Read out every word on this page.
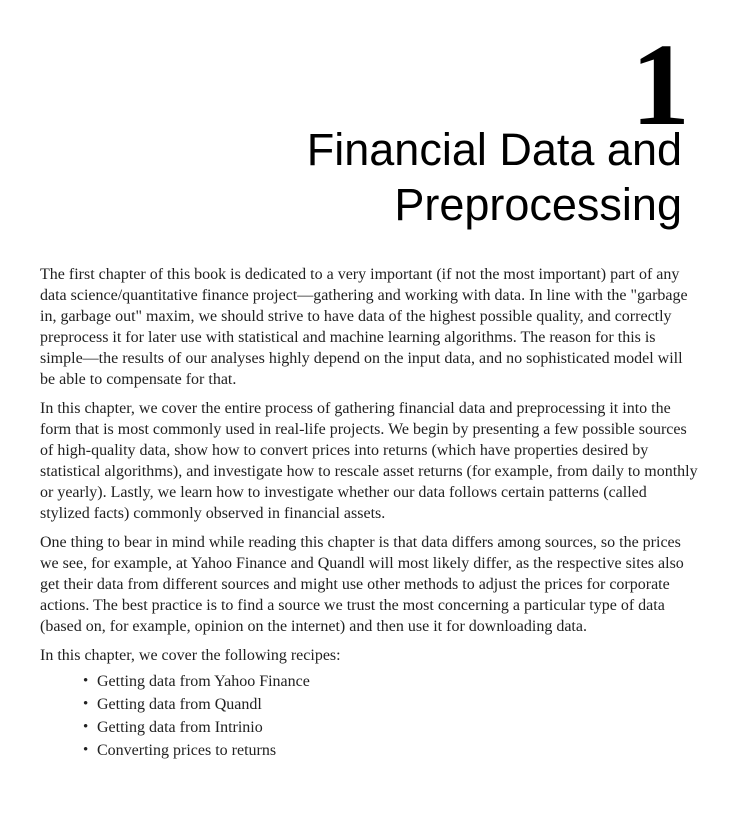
1
Financial Data and
Preprocessing

The first chapter of this book is dedicated to a very important (if not the most important) part of any data science/quantitative finance project—gathering and working with data. In line with the "garbage in, garbage out" maxim, we should strive to have data of the highest possible quality, and correctly preprocess it for later use with statistical and machine learning algorithms. The reason for this is simple—the results of our analyses highly depend on the input data, and no sophisticated model will be able to compensate for that.

In this chapter, we cover the entire process of gathering financial data and preprocessing it into the form that is most commonly used in real-life projects. We begin by presenting a few possible sources of high-quality data, show how to convert prices into returns (which have properties desired by statistical algorithms), and investigate how to rescale asset returns (for example, from daily to monthly or yearly). Lastly, we learn how to investigate whether our data follows certain patterns (called stylized facts) commonly observed in financial assets.

One thing to bear in mind while reading this chapter is that data differs among sources, so the prices we see, for example, at Yahoo Finance and Quandl will most likely differ, as the respective sites also get their data from different sources and might use other methods to adjust the prices for corporate actions. The best practice is to find a source we trust the most concerning a particular type of data (based on, for example, opinion on the internet) and then use it for downloading data.

In this chapter, we cover the following recipes:

• Getting data from Yahoo Finance
• Getting data from Quandl
• Getting data from Intrinio
• Converting prices to returns
